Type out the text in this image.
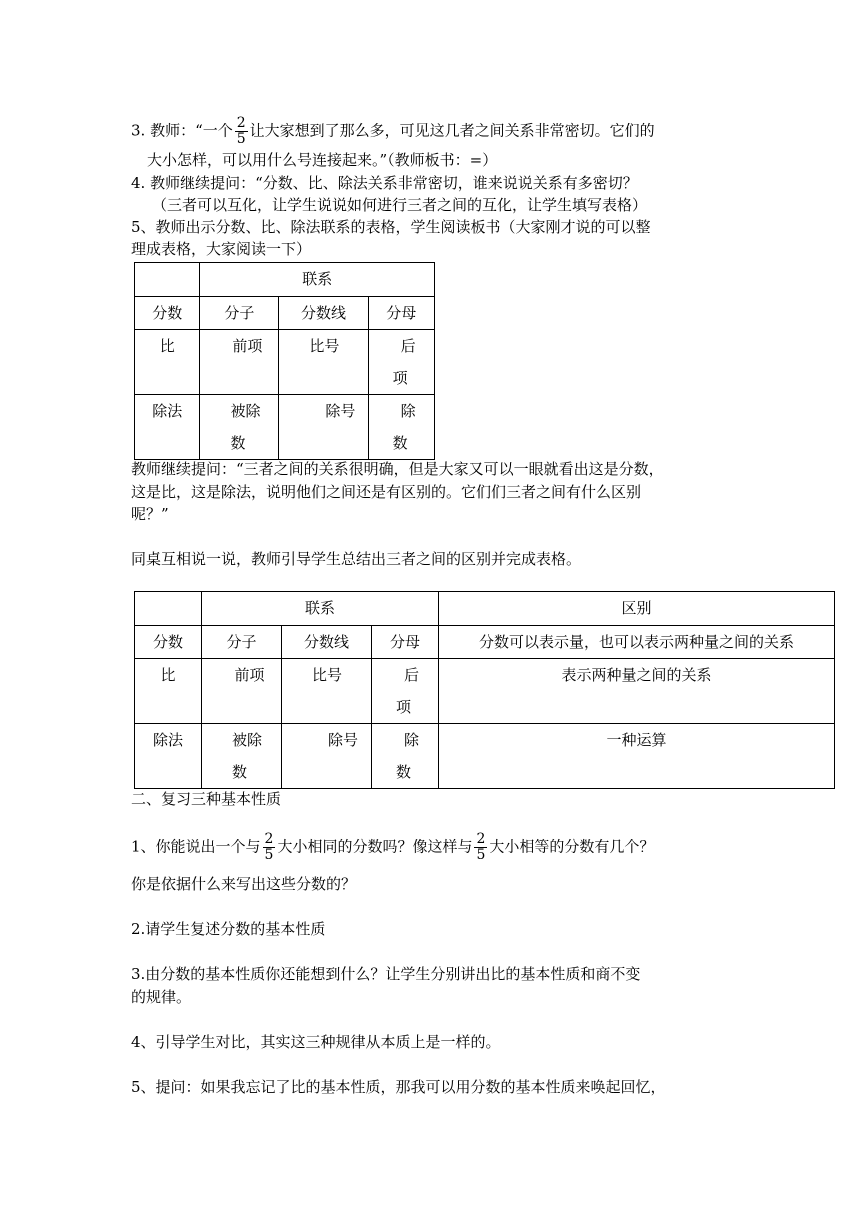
3. 教师：“一个 $\frac{2}{5}$ 让大家想到了那么多，可见这几者之间关系非常密切。它们的
大小怎样，可以用什么号连接起来。”（教师板书：=）
4. 教师继续提问：“分数、比、除法关系非常密切，谁来说说关系有多密切？
（三者可以互化，让学生说说如何进行三者之间的互化，让学生填写表格）
5、教师出示分数、比、除法联系的表格，学生阅读板书（大家刚才说的可以整
理成表格，大家阅读一下）
	联系		
分数	分子	分数线	分母
比	前项	比号	后
项
除法	被除
数	除号	除
数
教师继续提问：“三者之间的关系很明确，但是大家又可以一眼就看出这是分数，
这是比，这是除法，说明他们之间还是有区别的。它们们三者之间有什么区别
呢？”
同桌互相说一说，教师引导学生总结出三者之间的区别并完成表格。
	联系			区别
分数	分子	分数线	分母	分数可以表示量，也可以表示两种量之间的关系
比	前项	比号	后
项	表示两种量之间的关系
除法	被除
数	除号	除
数	一种运算
二、复习三种基本性质
1、你能说出一个与 $\frac{2}{5}$ 大小相同的分数吗？像这样与 $\frac{2}{5}$ 大小相等的分数有几个？
你是依据什么来写出这些分数的？
2.请学生复述分数的基本性质
3.由分数的基本性质你还能想到什么？让学生分别讲出比的基本性质和商不变
的规律。
4、引导学生对比，其实这三种规律从本质上是一样的。
5、提问：如果我忘记了比的基本性质，那我可以用分数的基本性质来唤起回忆，
